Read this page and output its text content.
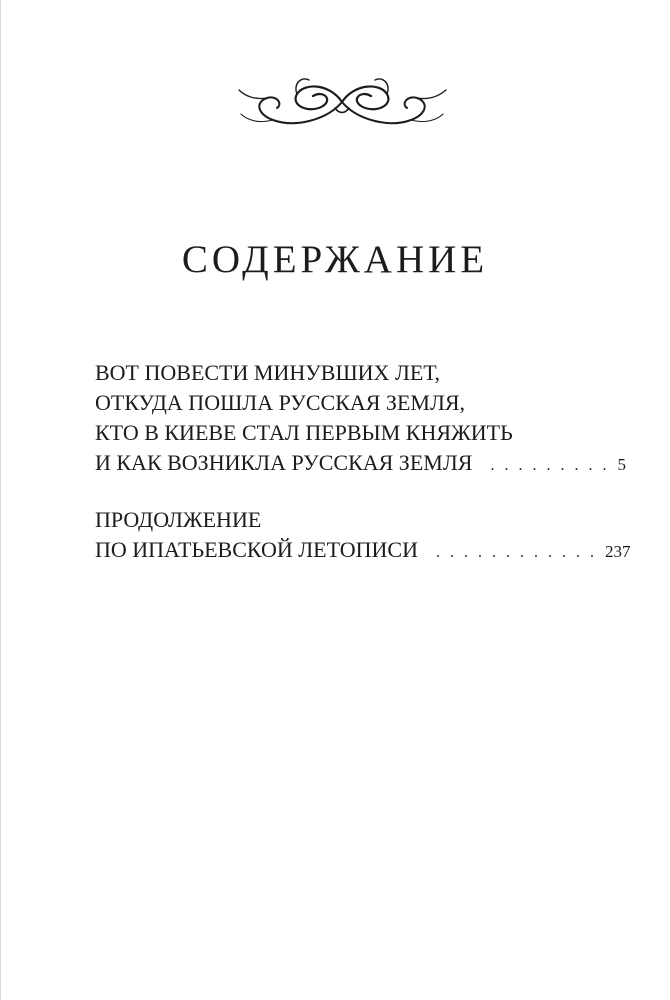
СОДЕРЖАНИЕ
ВОТ ПОВЕСТИ МИНУВШИХ ЛЕТ,
ОТКУДА ПОШЛА РУССКАЯ ЗЕМЛЯ,
КТО В КИЕВЕ СТАЛ ПЕРВЫМ КНЯЖИТЬ
И КАК ВОЗНИКЛА РУССКАЯ ЗЕМЛЯ	. . . . . . . . . 5
ПРОДОЛЖЕНИЕ
ПО ИПАТЬЕВСКОЙ ЛЕТОПИСИ	. . . . . . . . . . . . 237
